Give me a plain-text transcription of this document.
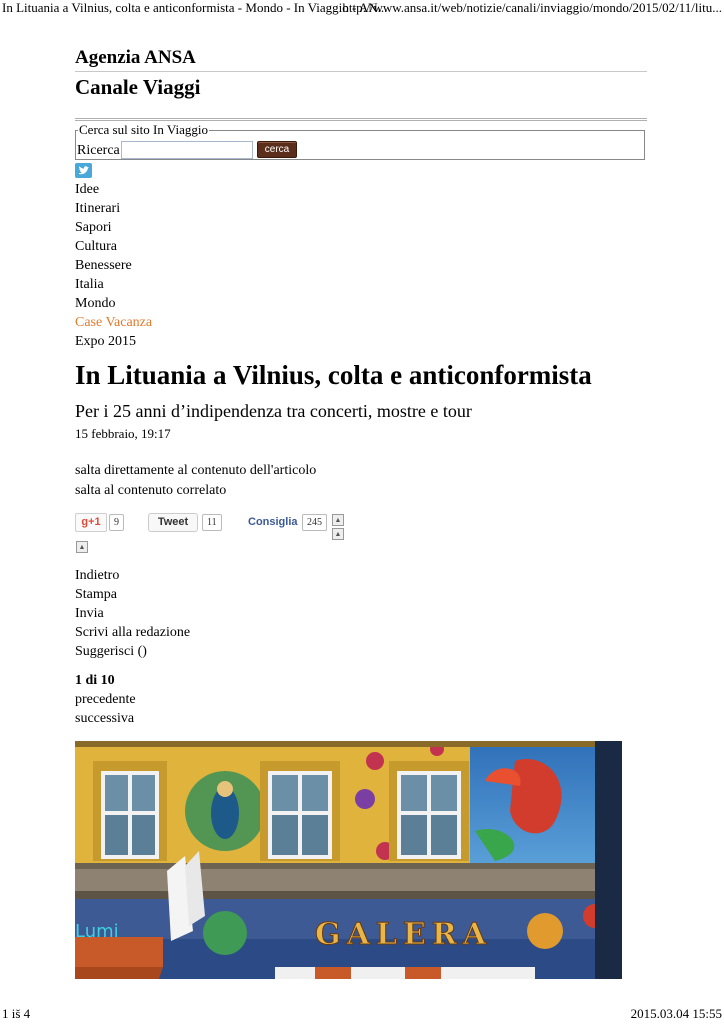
In Lituania a Vilnius, colta e anticonformista - Mondo - In Viaggio - AN...
http://www.ansa.it/web/notizie/canali/inviaggio/mondo/2015/02/11/litu...
Agenzia ANSA
Canale Viaggi
Cerca sul sito In Viaggio
Ricerca	cerca
Idee
Itinerari
Sapori
Cultura
Benessere
Italia
Mondo
Case Vacanza
Expo 2015
In Lituania a Vilnius, colta e anticonformista
Per i 25 anni d’indipendenza tra concerti, mostre e tour
15 febbraio, 19:17
salta direttamente al contenuto dell'articolo
salta al contenuto correlato
g+1	9	Tweet	11	Consiglia 245	▲
▲
▲
Indietro
Stampa
Invia
Scrivi alla redazione
Suggerisci ()
1 di 10
precedente
successiva
GALERA
Lumi
1 iš 4	2015.03.04 15:55
